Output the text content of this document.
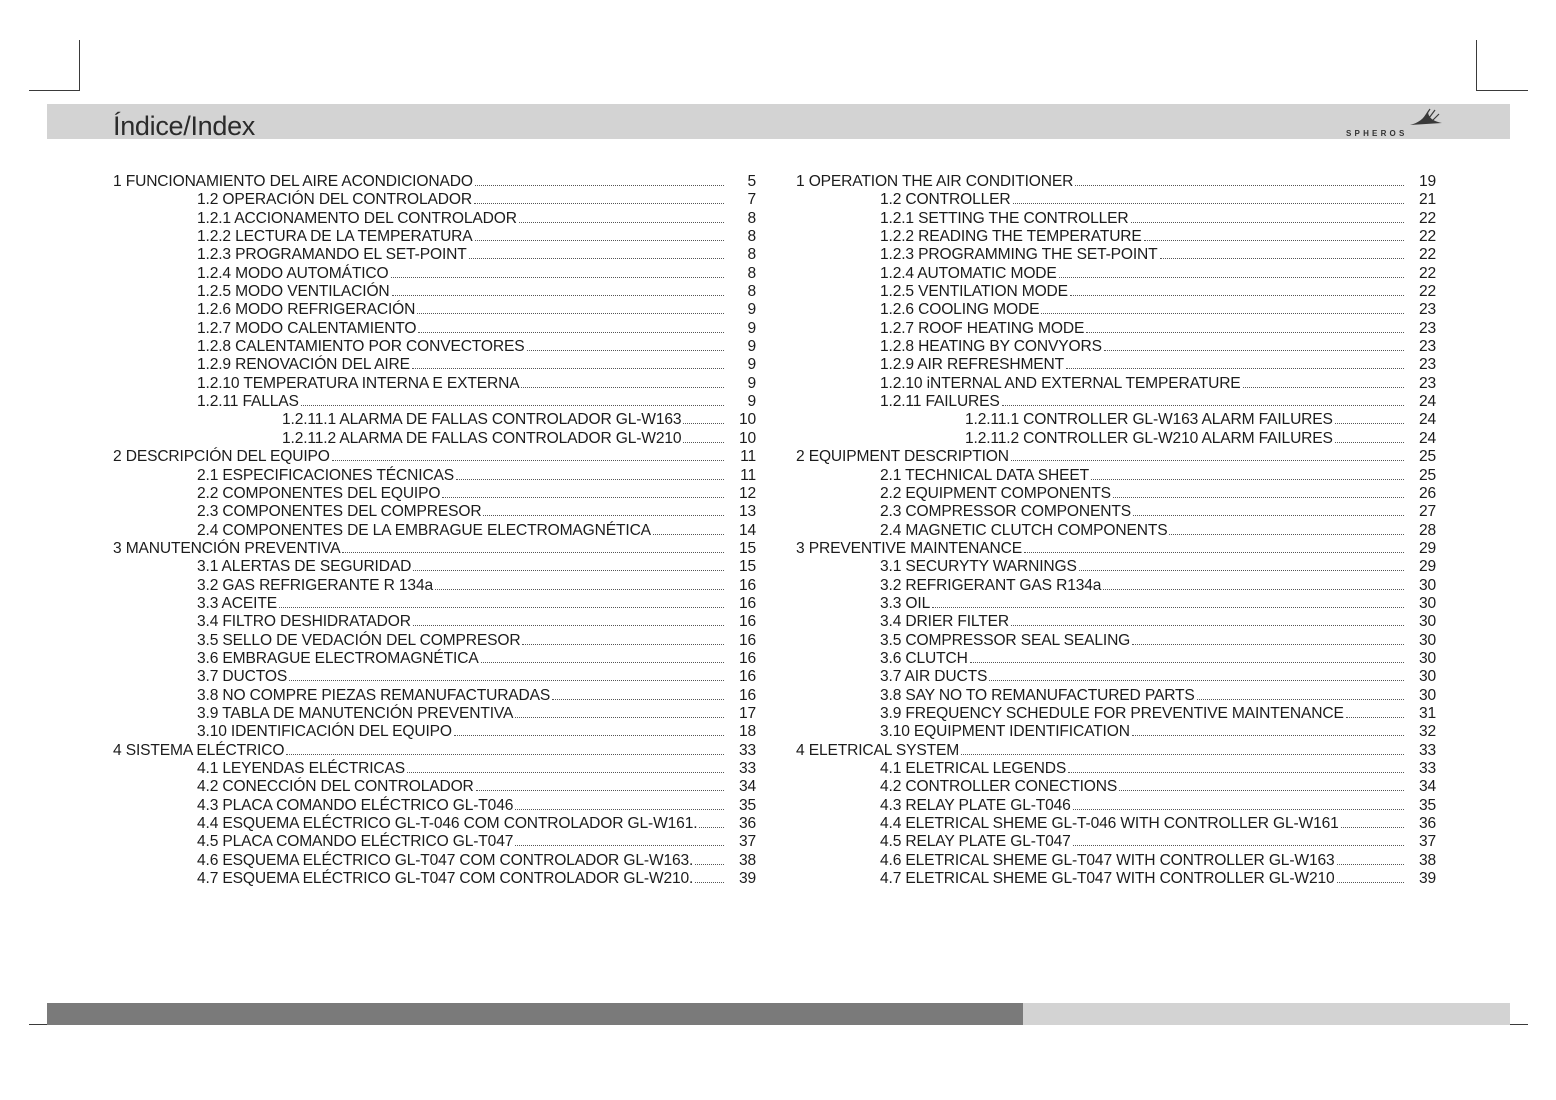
Índice/Index	SPHEROS
1 FUNCIONAMIENTO DEL AIRE ACONDICIONADO	5
1.2 OPERACIÓN DEL CONTROLADOR	7
1.2.1 ACCIONAMENTO DEL CONTROLADOR	8
1.2.2 LECTURA DE LA TEMPERATURA	8
1.2.3 PROGRAMANDO EL SET-POINT	8
1.2.4 MODO AUTOMÁTICO	8
1.2.5 MODO VENTILACIÓN	8
1.2.6 MODO REFRIGERACIÓN	9
1.2.7 MODO CALENTAMIENTO	9
1.2.8 CALENTAMIENTO POR CONVECTORES	9
1.2.9 RENOVACIÓN DEL AIRE	9
1.2.10 TEMPERATURA INTERNA E EXTERNA	9
1.2.11 FALLAS	9
1.2.11.1 ALARMA DE FALLAS CONTROLADOR GL-W163	10
1.2.11.2 ALARMA DE FALLAS CONTROLADOR GL-W210	10
2 DESCRIPCIÓN DEL EQUIPO	11
2.1 ESPECIFICACIONES TÉCNICAS	11
2.2 COMPONENTES DEL EQUIPO	12
2.3 COMPONENTES DEL COMPRESOR	13
2.4 COMPONENTES DE LA EMBRAGUE ELECTROMAGNÉTICA	14
3 MANUTENCIÓN PREVENTIVA	15
3.1 ALERTAS DE SEGURIDAD	15
3.2 GAS REFRIGERANTE R 134a	16
3.3 ACEITE	16
3.4 FILTRO DESHIDRATADOR	16
3.5 SELLO DE VEDACIÓN DEL COMPRESOR	16
3.6 EMBRAGUE ELECTROMAGNÉTICA	16
3.7 DUCTOS	16
3.8 NO COMPRE PIEZAS REMANUFACTURADAS	16
3.9 TABLA DE MANUTENCIÓN PREVENTIVA	17
3.10 IDENTIFICACIÓN DEL EQUIPO	18
4 SISTEMA ELÉCTRICO	33
4.1 LEYENDAS ELÉCTRICAS	33
4.2 CONECCIÓN DEL CONTROLADOR	34
4.3 PLACA COMANDO ELÉCTRICO GL-T046	35
4.4 ESQUEMA ELÉCTRICO GL-T-046 COM CONTROLADOR GL-W161.	36
4.5 PLACA COMANDO ELÉCTRICO GL-T047	37
4.6 ESQUEMA ELÉCTRICO GL-T047 COM CONTROLADOR GL-W163.	38
4.7 ESQUEMA ELÉCTRICO GL-T047 COM CONTROLADOR GL-W210.	39
1 OPERATION THE AIR CONDITIONER	19
1.2 CONTROLLER	21
1.2.1 SETTING THE CONTROLLER	22
1.2.2 READING THE TEMPERATURE	22
1.2.3 PROGRAMMING THE SET-POINT	22
1.2.4 AUTOMATIC MODE	22
1.2.5 VENTILATION MODE	22
1.2.6 COOLING MODE	23
1.2.7 ROOF HEATING MODE	23
1.2.8 HEATING BY CONVYORS	23
1.2.9 AIR REFRESHMENT	23
1.2.10 iNTERNAL AND EXTERNAL TEMPERATURE	23
1.2.11 FAILURES	24
1.2.11.1 CONTROLLER GL-W163 ALARM FAILURES	24
1.2.11.2 CONTROLLER GL-W210 ALARM FAILURES	24
2 EQUIPMENT DESCRIPTION	25
2.1 TECHNICAL DATA SHEET	25
2.2 EQUIPMENT COMPONENTS	26
2.3 COMPRESSOR COMPONENTS	27
2.4 MAGNETIC CLUTCH COMPONENTS	28
3 PREVENTIVE MAINTENANCE	29
3.1 SECURYTY WARNINGS	29
3.2 REFRIGERANT GAS R134a	30
3.3 OIL	30
3.4 DRIER FILTER	30
3.5 COMPRESSOR SEAL SEALING	30
3.6 CLUTCH	30
3.7 AIR DUCTS	30
3.8 SAY NO TO REMANUFACTURED PARTS	30
3.9 FREQUENCY SCHEDULE FOR PREVENTIVE MAINTENANCE	31
3.10 EQUIPMENT IDENTIFICATION	32
4 ELETRICAL SYSTEM	33
4.1 ELETRICAL LEGENDS	33
4.2 CONTROLLER CONECTIONS	34
4.3 RELAY PLATE GL-T046	35
4.4 ELETRICAL SHEME GL-T-046 WITH CONTROLLER GL-W161	36
4.5 RELAY PLATE GL-T047	37
4.6 ELETRICAL SHEME GL-T047 WITH CONTROLLER GL-W163	38
4.7 ELETRICAL SHEME GL-T047 WITH CONTROLLER GL-W210	39
